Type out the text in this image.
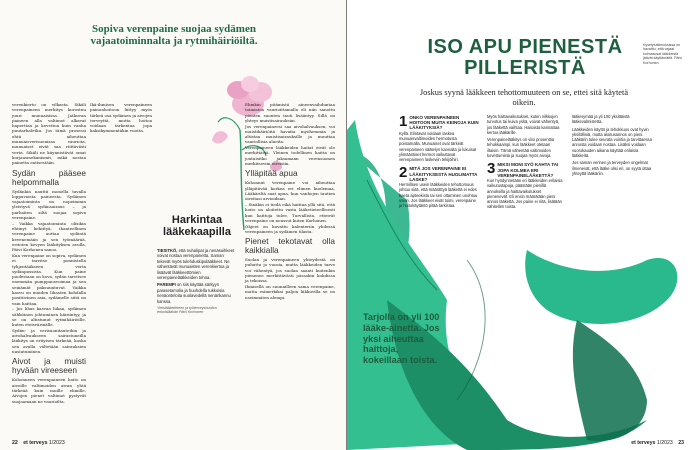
Sopiva verenpaine suojaa sydämen vajaatoiminnalta ja rytmihäiriöiltä.

verenkierto on vilkasta. Sikäli verenpaineen merkitys korostuu juuri munuaisissa. Jatkuvan paineen alla valtimot alkavat haperttaa ja kovettua kuin vanha puutarhaletku. Jos tämä prosessi ehtii aiheuttaa munuaisverisuonissa vauriota, munuaiset eivät saa riittävästi verta. Sikäli ne käynnistävät omat korjausmekanismit, mikä nostaa painetta entisestään.

Sydän pääsee helpommalla

Sydänkin nauttii monella tavalla loppuvaista paineesta. Sydämen vajaatoiminta on nopeimmin yleistyvä sydänsairaus – ja parhaiten siltä suojaa sopiva verenpaine.

– Vaikka vajaatoiminta olisikin ehtinyt kehittyä, ihanteellinen verenpaine auttaa sydäntä kevenemään ja sen työmäärää, eritoten kevyen lääkityksen avulla, Päivi Korhonen sanoo.

Kun verenpaine on sopiva, sydämen ei tarvitse ponnistella tyhjentääkseen verta sydänpussista. Kun paine puolestaan on kova, sydän tarvitsee enemmän pumppausvoimaa ja sen seinämät paksuuntuvat. Vaikka kasvu on muiden lihasten kohdalla positiivinen asia, sydämelle siitä on vain haittaa.

– Jos lihas kasvaa liikaa, sydämen sähköinen johtuminen häiriintyy, ja se on altistunut rytmihäiriöille, kuten eteisvärinälle.

Sydän- ja verisuonitauteihin ja aivohalvaukseen sairastuneilla lääkitys on erityisen tärkeää, koska sen avulla vältetään sairauksien uusiutuminen.

Aivot ja muisti hyvään vireeseen

Kohonneen verenpaineen hoito on aivoille valtimoiden aivan yhtä tärkeää kuin muille elimille. Aivojen pienet valtimot pystyvät suojaamaan ne vaurioilta.

Ikä-ihmisen verenpaineen painonhoitoon liittyy myös tärkeä osa sydämen ja aivojen terveyttä, mutta hoitoa voidaan tarkentaa jopa kaksikymmentäkin vuotta.

Harkintaa lääkekaapilla

TIESITKÖ, että nuhalipat ja nenäsuihkeet voivat nostaa verenpainetta. Saman tekevät myös tulehduskipulääkkeet. Ne vähentävät munuaisten verenkiertoa ja lisäävät lääkkeettömien verenpainelääkkeiden tehoa.

PAREMPI on siis käyttää särkyyn parasetamolia ja huuhdella tukkoisia nenäonteloita suolavedellä nenänkannu kanssa.

Yleislääketieteen ja työterveyshuollon erikoislääkäri Päivi Korhonen

Elimkin pitämistä aineenvaihduntaa toimistoa vaurioittamalla eli niin sanottu pienten suonten tauti lisääntyy. Sillä on yhteys muistisairauksiin.

Jos verenpaineesi saa aivohalvauksen, voi muistihäiriöitä havaita myöhemmin ja altistaa muistisairauksille ja muuttaa vauriollisia alueita.

Verenpaineen lääkkeiden haitat eivät ole merkittäviä. Yleinen todellinen haitta on joutuisitko jaksamaan verensuonen merkitseviin oireisiin.

Ylläpitää apua

Kohonnut verenpaine voi aiheuttaa ylläpitävää korkea eri elimen kuolemaa. Lääkäriltä saat apua, kun vanhojen tautien oireitasi arvioidaan.

– Sinäkin ei tiedä eikä haittaa yllä sitä, että hoito on aloitettu vasta lääketieteellisesti kun haittoja tulee. Turvallista, etteivät verenpaine on noussut kuten Korhonen.

Ohjeet on kuvattu kalenteriin yhdessä verenpaineen ja sydämen tilasta.

Pienet tekotavat olla kaikkialla

Suolan ja verenpaineen yhteydestä on puhuttu jo vuosia, mutta lääkkeiden tarve voi vähentyä, jos suolan saanti kuitenkin pienenee merkittävästi joissakin kohdissa ja tekoissa.

Ihmisellä on suunnilleen sama verenpaine, mutta esimerkiksi paljon liikkuvilla se on useimmiten alempi.

22 et terveys 1/2023
ISO APU PIENESTÄ PILLERISTÄ
Joskus syynä lääkkeen tehottomuuteen on se, ettei sitä käytetä oikein.
Kyselytutkimuksissa on havaittu, että vajaat kolmasosat lääkkeistä jäävät käyttämättä. Päivi Korhonen
1 ONKO VERENPAINEEN HOITOON MUITA KEINOJA KUIN LÄÄKITYKSIÄ?

Kyllä. Elintavat voidaan laskea munuaisvaltimoiden hermotusta poistamalla. Munuaiset ovat tärkeät verenpaineen säätelyn kannalta ja lukuisat ylimääräiset hermot vaikuttavat verenpaineen laskeviin tekijöihin.

2 MITÄ JOS VERENPAINE EI LÄÄKITYKSESTÄ HUOLIMATTA LASKE?

Hermillsen usein lääkkeiden tehottomuus johtuu siitä, että määrättyä lääkettä ei edes haeta apteekista tai sen ottaminen unohtuu usein. Jos lääkkeet eivät toimi, verenpaine ja hoitokäytäntö pitää tarkistaa.

Myös haittavaikutukset, kuten nilkkojen turvotus tai kuiva yskä, voivat vähentyä, jos lääkettä vaihtaa. Haitoista kannattaa kertoa lääkärille.

Verenpainelääkitys on viisi prosenttia tehokkaampi, kun lääkkeet otetaan iltaisin. Tämä vähentää valtimoiden kovettumista ja suojaa myös aivoja.

3 MIKSI MONI SYÖ KAHTA TAI JOPA KOLMEA ERI VERENPAINELÄÄKETTÄ?

Kun hyödynnetään eri lääkkeiden erilaisia vaikutustapoja, päästään pienillä annoksilla ja haittavaikutukset pienenevät. Eli ensin määrätään pieni annos lääkettä. Jos paine ei riitä, lisätään vähitellen toista.

lääkerymää ja yli 100 yksittäistä lääkevalmistetta.

Lääkkeiden käyttö ja tehokkuus ovat hyvin yksilöllisiä, mutta aloitusannos on pieni. Lääkärin tulee seurata vointia ja tarvittaessa annosta voidaan nostaa. Lisäksi voidaan vuorokauden aikana käyttää erilaisia lääkkeitä.

Jos saman verinen ja terveyden ongelmat ilmenevät, että lääke olisi eri, on syytä ottaa yhteyttä lääkäriin.

Tarjolla on yli 100 lääke-ainetta. Jos yksi aiheuttaa haittoja, kokeillaan toista.
et terveys 1/2023 23
